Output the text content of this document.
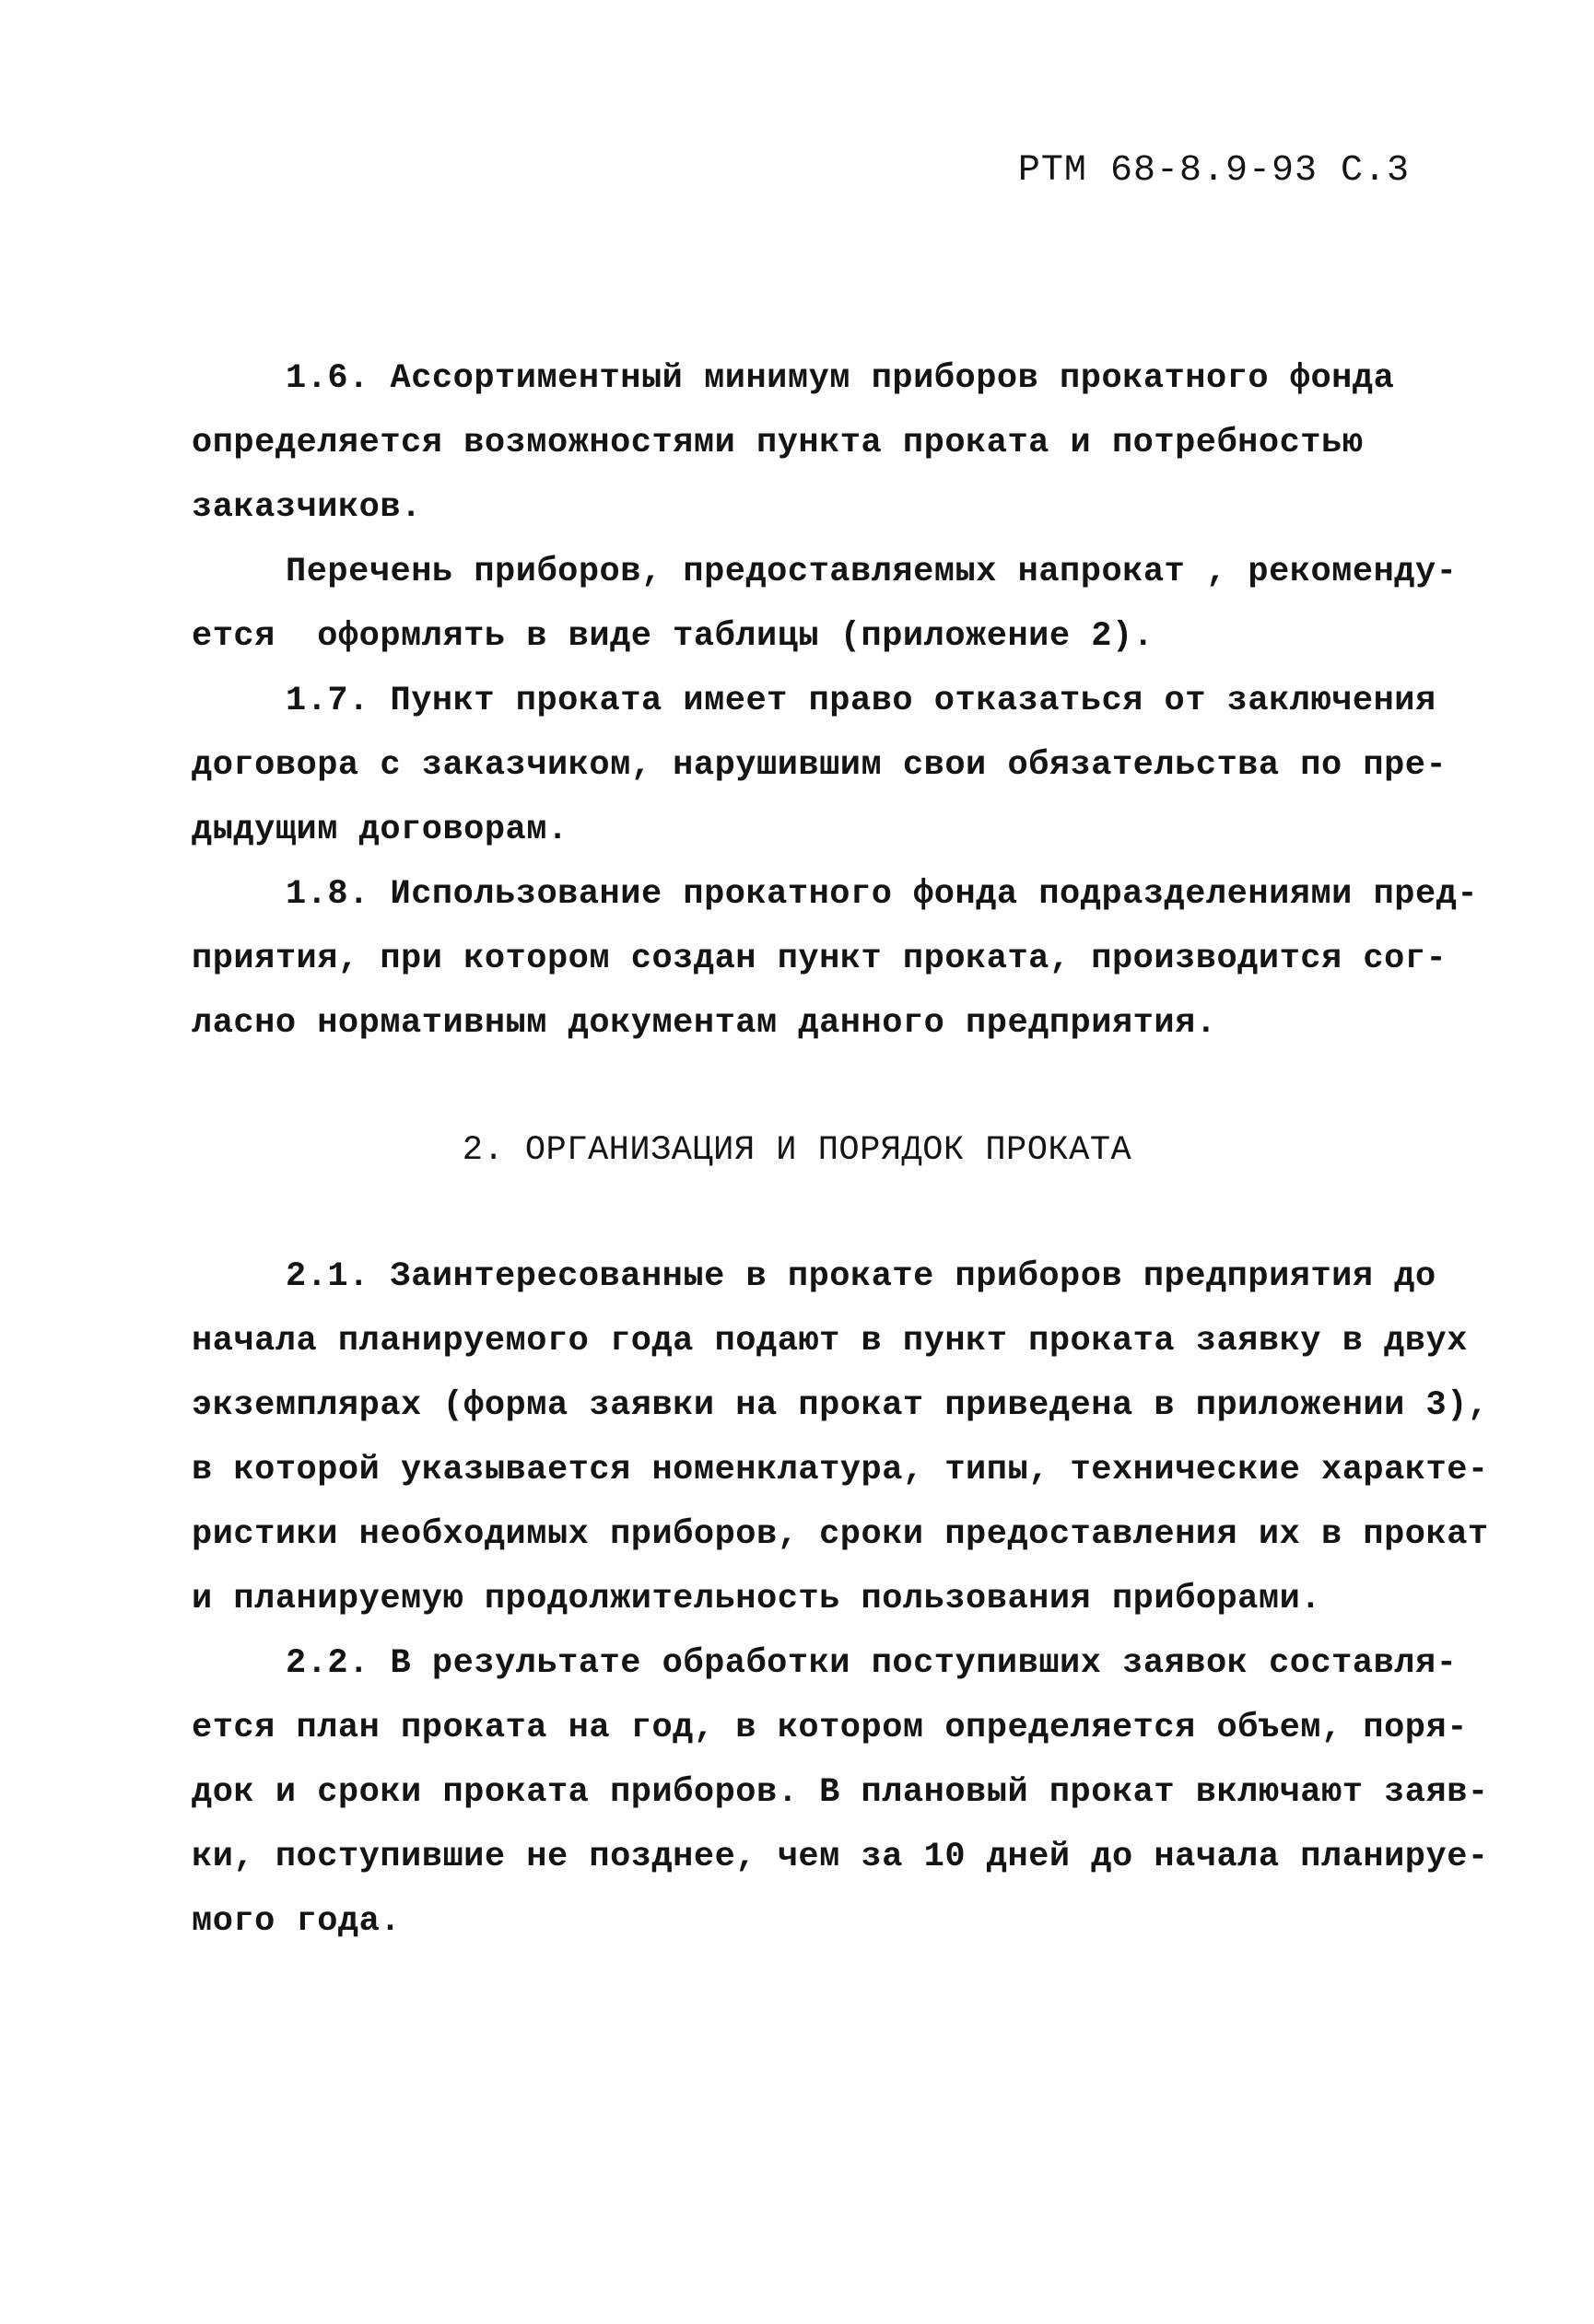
РТМ 68-8.9-93 С.3
1.6. Ассортиментный минимум приборов прокатного фонда
определяется возможностями пункта проката и потребностью
заказчиков.
Перечень приборов, предоставляемых напрокат , рекоменду-
ется  оформлять в виде таблицы (приложение 2).
1.7. Пункт проката имеет право отказаться от заключения
договора с заказчиком, нарушившим свои обязательства по пре-
дыдущим договорам.
1.8. Использование прокатного фонда подразделениями пред-
приятия, при котором создан пункт проката, производится сог-
ласно нормативным документам данного предприятия.
2. ОРГАНИЗАЦИЯ И ПОРЯДОК ПРОКАТА
2.1. Заинтересованные в прокате приборов предприятия до
начала планируемого года подают в пункт проката заявку в двух
экземплярах (форма заявки на прокат приведена в приложении 3),
в которой указывается номенклатура, типы, технические характе-
ристики необходимых приборов, сроки предоставления их в прокат
и планируемую продолжительность пользования приборами.
2.2. В результате обработки поступивших заявок составля-
ется план проката на год, в котором определяется объем, поря-
док и сроки проката приборов. В плановый прокат включают заяв-
ки, поступившие не позднее, чем за 10 дней до начала планируе-
мого года.
